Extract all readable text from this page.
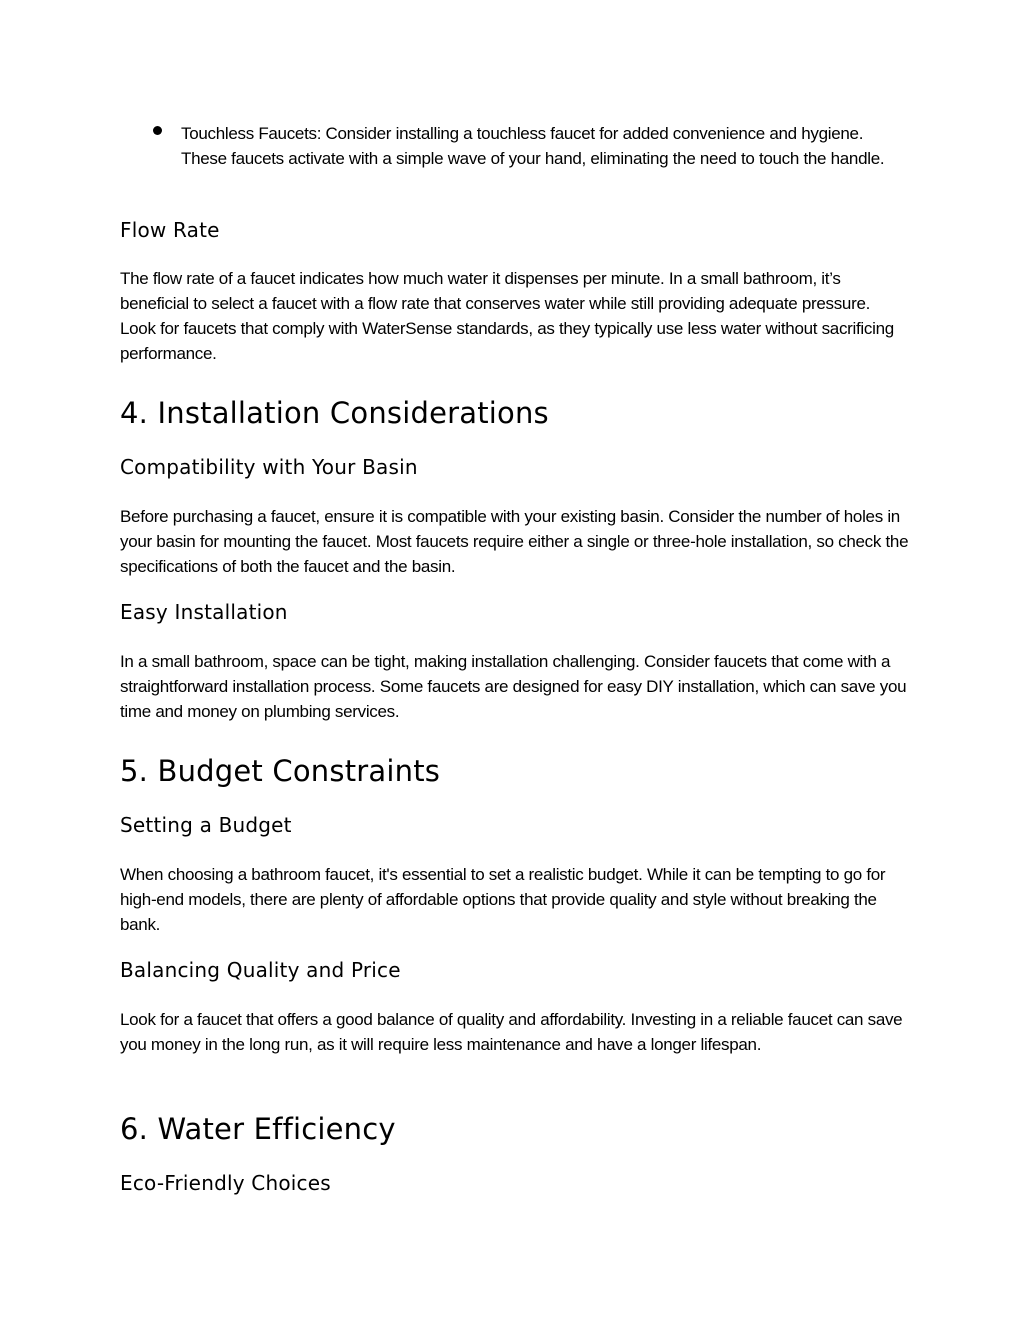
Touchless Faucets: Consider installing a touchless faucet for added convenience and hygiene. These faucets activate with a simple wave of your hand, eliminating the need to touch the handle.

Flow Rate

The flow rate of a faucet indicates how much water it dispenses per minute. In a small bathroom, it’s beneficial to select a faucet with a flow rate that conserves water while still providing adequate pressure. Look for faucets that comply with WaterSense standards, as they typically use less water without sacrificing performance.

4. Installation Considerations
Compatibility with Your Basin

Before purchasing a faucet, ensure it is compatible with your existing basin. Consider the number of holes in your basin for mounting the faucet. Most faucets require either a single or three-hole installation, so check the specifications of both the faucet and the basin.

Easy Installation

In a small bathroom, space can be tight, making installation challenging. Consider faucets that come with a straightforward installation process. Some faucets are designed for easy DIY installation, which can save you time and money on plumbing services.

5. Budget Constraints
Setting a Budget

When choosing a bathroom faucet, it's essential to set a realistic budget. While it can be tempting to go for high-end models, there are plenty of affordable options that provide quality and style without breaking the bank.

Balancing Quality and Price

Look for a faucet that offers a good balance of quality and affordability. Investing in a reliable faucet can save you money in the long run, as it will require less maintenance and have a longer lifespan.

6. Water Efficiency
Eco-Friendly Choices
